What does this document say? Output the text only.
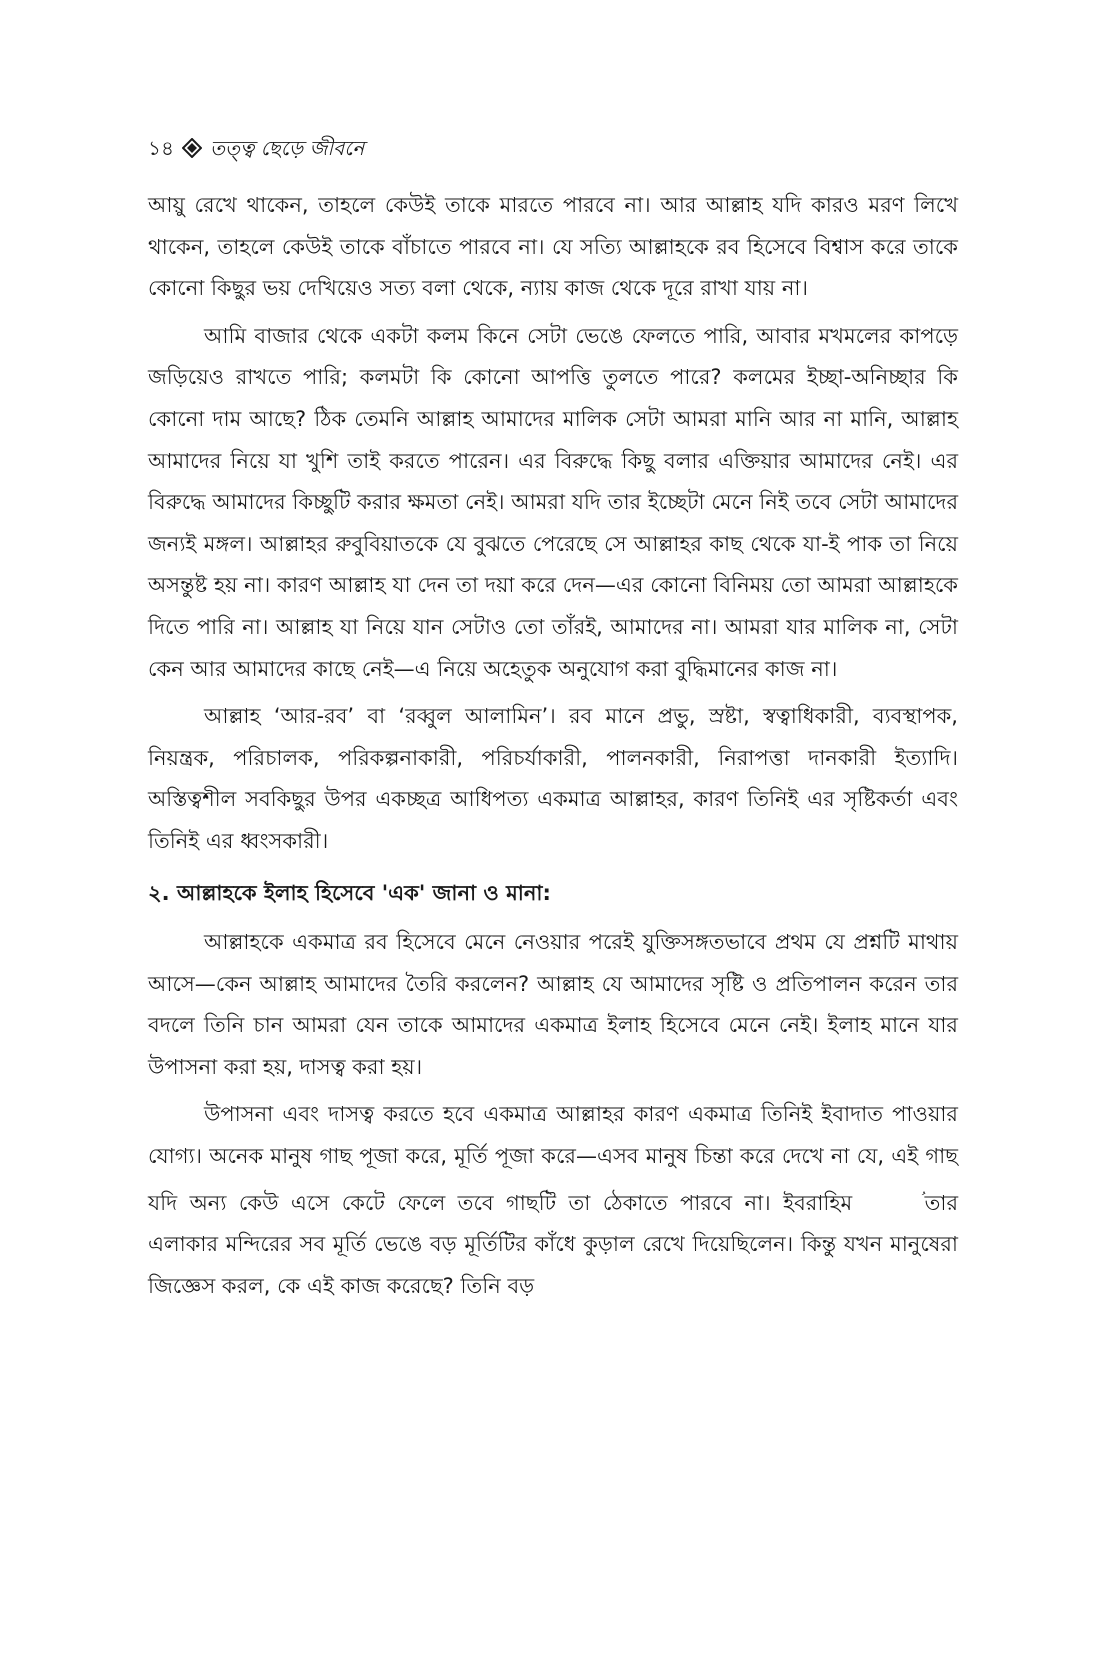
১৪ তত্ত্ব ছেড়ে জীবনে

আয়ু রেখে থাকেন, তাহলে কেউই তাকে মারতে পারবে না। আর আল্লাহ যদি কারও মরণ লিখে থাকেন, তাহলে কেউই তাকে বাঁচাতে পারবে না। যে সত্যি আল্লাহকে রব হিসেবে বিশ্বাস করে তাকে কোনো কিছুর ভয় দেখিয়েও সত্য বলা থেকে, ন্যায় কাজ থেকে দূরে রাখা যায় না।

আমি বাজার থেকে একটা কলম কিনে সেটা ভেঙে ফেলতে পারি, আবার মখমলের কাপড়ে জড়িয়েও রাখতে পারি; কলমটা কি কোনো আপত্তি তুলতে পারে? কলমের ইচ্ছা-অনিচ্ছার কি কোনো দাম আছে? ঠিক তেমনি আল্লাহ আমাদের মালিক সেটা আমরা মানি আর না মানি, আল্লাহ আমাদের নিয়ে যা খুশি তাই করতে পারেন। এর বিরুদ্ধে কিছু বলার এক্তিয়ার আমাদের নেই। এর বিরুদ্ধে আমাদের কিচ্ছুটি করার ক্ষমতা নেই। আমরা যদি তার ইচ্ছেটা মেনে নিই তবে সেটা আমাদের জন্যই মঙ্গল। আল্লাহর রুবুবিয়াতকে যে বুঝতে পেরেছে সে আল্লাহর কাছ থেকে যা-ই পাক তা নিয়ে অসন্তুষ্ট হয় না। কারণ আল্লাহ যা দেন তা দয়া করে দেন—এর কোনো বিনিময় তো আমরা আল্লাহকে দিতে পারি না। আল্লাহ যা নিয়ে যান সেটাও তো তাঁরই, আমাদের না। আমরা যার মালিক না, সেটা কেন আর আমাদের কাছে নেই—এ নিয়ে অহেতুক অনুযোগ করা বুদ্ধিমানের কাজ না।

আল্লাহ ‘আর-রব’ বা ‘রব্বুল আলামিন’। রব মানে প্রভু, স্রষ্টা, স্বত্বাধিকারী, ব্যবস্থাপক, নিয়ন্ত্রক, পরিচালক, পরিকল্পনাকারী, পরিচর্যাকারী, পালনকারী, নিরাপত্তা দানকারী ইত্যাদি। অস্তিত্বশীল সবকিছুর উপর একচ্ছত্র আধিপত্য একমাত্র আল্লাহর, কারণ তিনিই এর সৃষ্টিকর্তা এবং তিনিই এর ধ্বংসকারী।

২. আল্লাহকে ইলাহ হিসেবে 'এক' জানা ও মানা:

আল্লাহকে একমাত্র রব হিসেবে মেনে নেওয়ার পরেই যুক্তিসঙ্গতভাবে প্রথম যে প্রশ্নটি মাথায় আসে—কেন আল্লাহ আমাদের তৈরি করলেন? আল্লাহ যে আমাদের সৃষ্টি ও প্রতিপালন করেন তার বদলে তিনি চান আমরা যেন তাকে আমাদের একমাত্র ইলাহ হিসেবে মেনে নেই। ইলাহ মানে যার উপাসনা করা হয়, দাসত্ব করা হয়।

উপাসনা এবং দাসত্ব করতে হবে একমাত্র আল্লাহর কারণ একমাত্র তিনিই ইবাদাত পাওয়ার যোগ্য। অনেক মানুষ গাছ পূজা করে, মূর্তি পূজা করে—এসব মানুষ চিন্তা করে দেখে না যে, এই গাছ যদি অন্য কেউ এসে কেটে ফেলে তবে গাছটি তা ঠেকাতে পারবে না। ইবরাহিম	তার এলাকার মন্দিরের সব মূর্তি ভেঙে বড় মূর্তিটির কাঁধে কুড়াল রেখে দিয়েছিলেন। কিন্তু যখন মানুষেরা জিজ্ঞেস করল, কে এই কাজ করেছে? তিনি বড়
